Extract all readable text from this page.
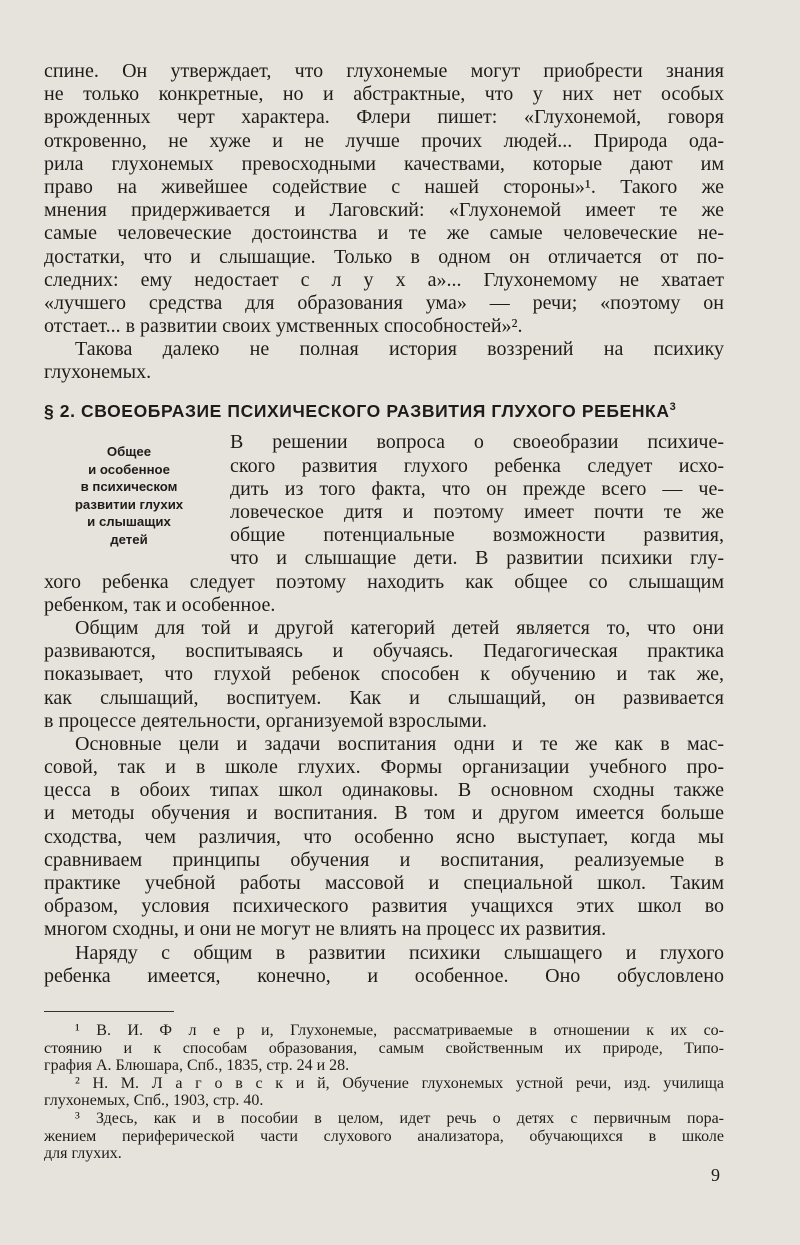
спине. Он утверждает, что глухонемые могут приобрести знания
не только конкретные, но и абстрактные, что у них нет особых
врожденных черт характера. Флери пишет: «Глухонемой, говоря
откровенно, не хуже и не лучше прочих людей... Природа ода-
рила глухонемых превосходными качествами, которые дают им
право на живейшее содействие с нашей стороны»¹. Такого же
мнения придерживается и Лаговский: «Глухонемой имеет те же
самые человеческие достоинства и те же самые человеческие не-
достатки, что и слышащие. Только в одном он отличается от по-
следних: ему недостает с л у х а»... Глухонемому не хватает
«лучшего средства для образования ума» — речи; «поэтому он
отстает... в развитии своих умственных способностей»².
Такова далеко не полная история воззрений на психику
глухонемых.
§ 2. СВОЕОБРАЗИЕ ПСИХИЧЕСКОГО РАЗВИТИЯ ГЛУХОГО РЕБЕНКА$^3$
Общее
и особенное
в психическом
развитии глухих
и слышащих
детей
В решении вопроса о своеобразии психиче-
ского развития глухого ребенка следует исхо-
дить из того факта, что он прежде всего — че-
ловеческое дитя и поэтому имеет почти те же
общие потенциальные возможности развития,
что и слышащие дети. В развитии психики глу-
хого ребенка следует поэтому находить как общее со слышащим
ребенком, так и особенное.
Общим для той и другой категорий детей является то, что они
развиваются, воспитываясь и обучаясь. Педагогическая практика
показывает, что глухой ребенок способен к обучению и так же,
как слышащий, воспитуем. Как и слышащий, он развивается
в процессе деятельности, организуемой взрослыми.
Основные цели и задачи воспитания одни и те же как в мас-
совой, так и в школе глухих. Формы организации учебного про-
цесса в обоих типах школ одинаковы. В основном сходны также
и методы обучения и воспитания. В том и другом имеется больше
сходства, чем различия, что особенно ясно выступает, когда мы
сравниваем принципы обучения и воспитания, реализуемые в
практике учебной работы массовой и специальной школ. Таким
образом, условия психического развития учащихся этих школ во
многом сходны, и они не могут не влиять на процесс их развития.
Наряду с общим в развитии психики слышащего и глухого
ребенка имеется, конечно, и особенное. Оно обусловлено
¹ В. И. Ф л е р и, Глухонемые, рассматриваемые в отношении к их со-
стоянию и к способам образования, самым свойственным их природе, Типо-
графия А. Блюшара, Спб., 1835, стр. 24 и 28.
² Н. М. Л а г о в с к и й, Обучение глухонемых устной речи, изд. училища
глухонемых, Спб., 1903, стр. 40.
³ Здесь, как и в пособии в целом, идет речь о детях с первичным пора-
жением периферической части слухового анализатора, обучающихся в школе
для глухих.
9
